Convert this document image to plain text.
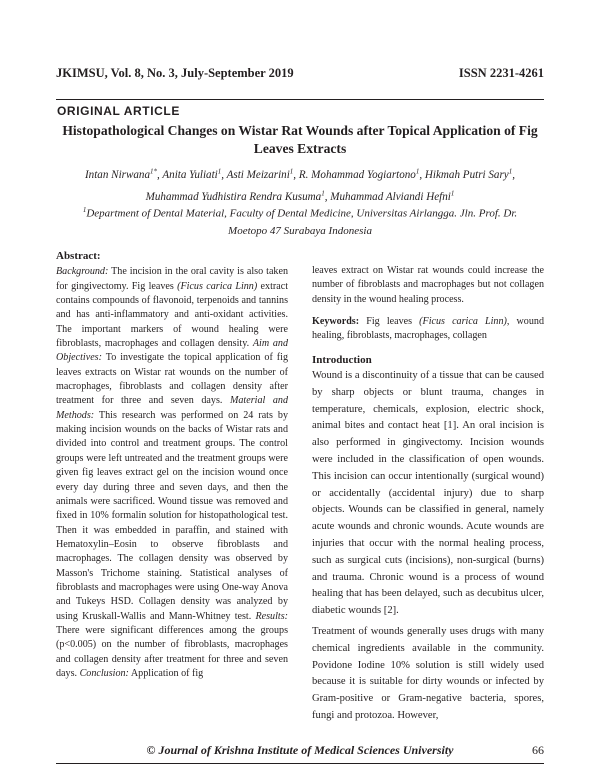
JKIMSU, Vol. 8, No. 3, July-September 2019	ISSN 2231-4261
ORIGINAL ARTICLE
Histopathological Changes on Wistar Rat Wounds after Topical Application of Fig Leaves Extracts
Intan Nirwana$^{1*}$, Anita Yuliati$^1$, Asti Meizarini$^1$, R. Mohammad Yogiartono$^1$, Hikmah Putri Sary$^1$,
Muhammad Yudhistira Rendra Kusuma$^1$, Muhammad Alviandi Hefni$^1$
$^1$Department of Dental Material, Faculty of Dental Medicine, Universitas Airlangga. Jln. Prof. Dr.
Moetopo 47 Surabaya Indonesia
Abstract:
Background: The incision in the oral cavity is also taken for gingivectomy. Fig leaves (Ficus carica Linn) extract contains compounds of flavonoid, terpenoids and tannins and has anti-inflammatory and anti-oxidant activities. The important markers of wound healing were fibroblasts, macrophages and collagen density. Aim and Objectives: To investigate the topical application of fig leaves extracts on Wistar rat wounds on the number of macrophages, fibroblasts and collagen density after treatment for three and seven days. Material and Methods: This research was performed on 24 rats by making incision wounds on the backs of Wistar rats and divided into control and treatment groups. The control groups were left untreated and the treatment groups were given fig leaves extract gel on the incision wound once every day during three and seven days, and then the animals were sacrificed. Wound tissue was removed and fixed in 10% formalin solution for histopathological test. Then it was embedded in paraffin, and stained with Hematoxylin–Eosin to observe fibroblasts and macrophages. The collagen density was observed by Masson's Trichome staining. Statistical analyses of fibroblasts and macrophages were using One-way Anova and Tukeys HSD. Collagen density was analyzed by using Kruskall-Wallis and Mann-Whitney test. Results: There were significant differences among the groups (p<0.005) on the number of fibroblasts, macrophages and collagen density after treatment for three and seven days. Conclusion: Application of fig
leaves extract on Wistar rat wounds could increase the number of fibroblasts and macrophages but not collagen density in the wound healing process.
Keywords: Fig leaves (Ficus carica Linn), wound healing, fibroblasts, macrophages, collagen
Introduction
Wound is a discontinuity of a tissue that can be caused by sharp objects or blunt trauma, changes in temperature, chemicals, explosion, electric shock, animal bites and contact heat [1]. An oral incision is also performed in gingivectomy. Incision wounds were included in the classification of open wounds. This incision can occur intentionally (surgical wound) or accidentally (accidental injury) due to sharp objects. Wounds can be classified in general, namely acute wounds and chronic wounds. Acute wounds are injuries that occur with the normal healing process, such as surgical cuts (incisions), non-surgical (burns) and trauma. Chronic wound is a process of wound healing that has been delayed, such as decubitus ulcer, diabetic wounds [2].
Treatment of wounds generally uses drugs with many chemical ingredients available in the community. Povidone Iodine 10% solution is still widely used because it is suitable for dirty wounds or infected by Gram-positive or Gram-negative bacteria, spores, fungi and protozoa. However,
© Journal of Krishna Institute of Medical Sciences University	66
